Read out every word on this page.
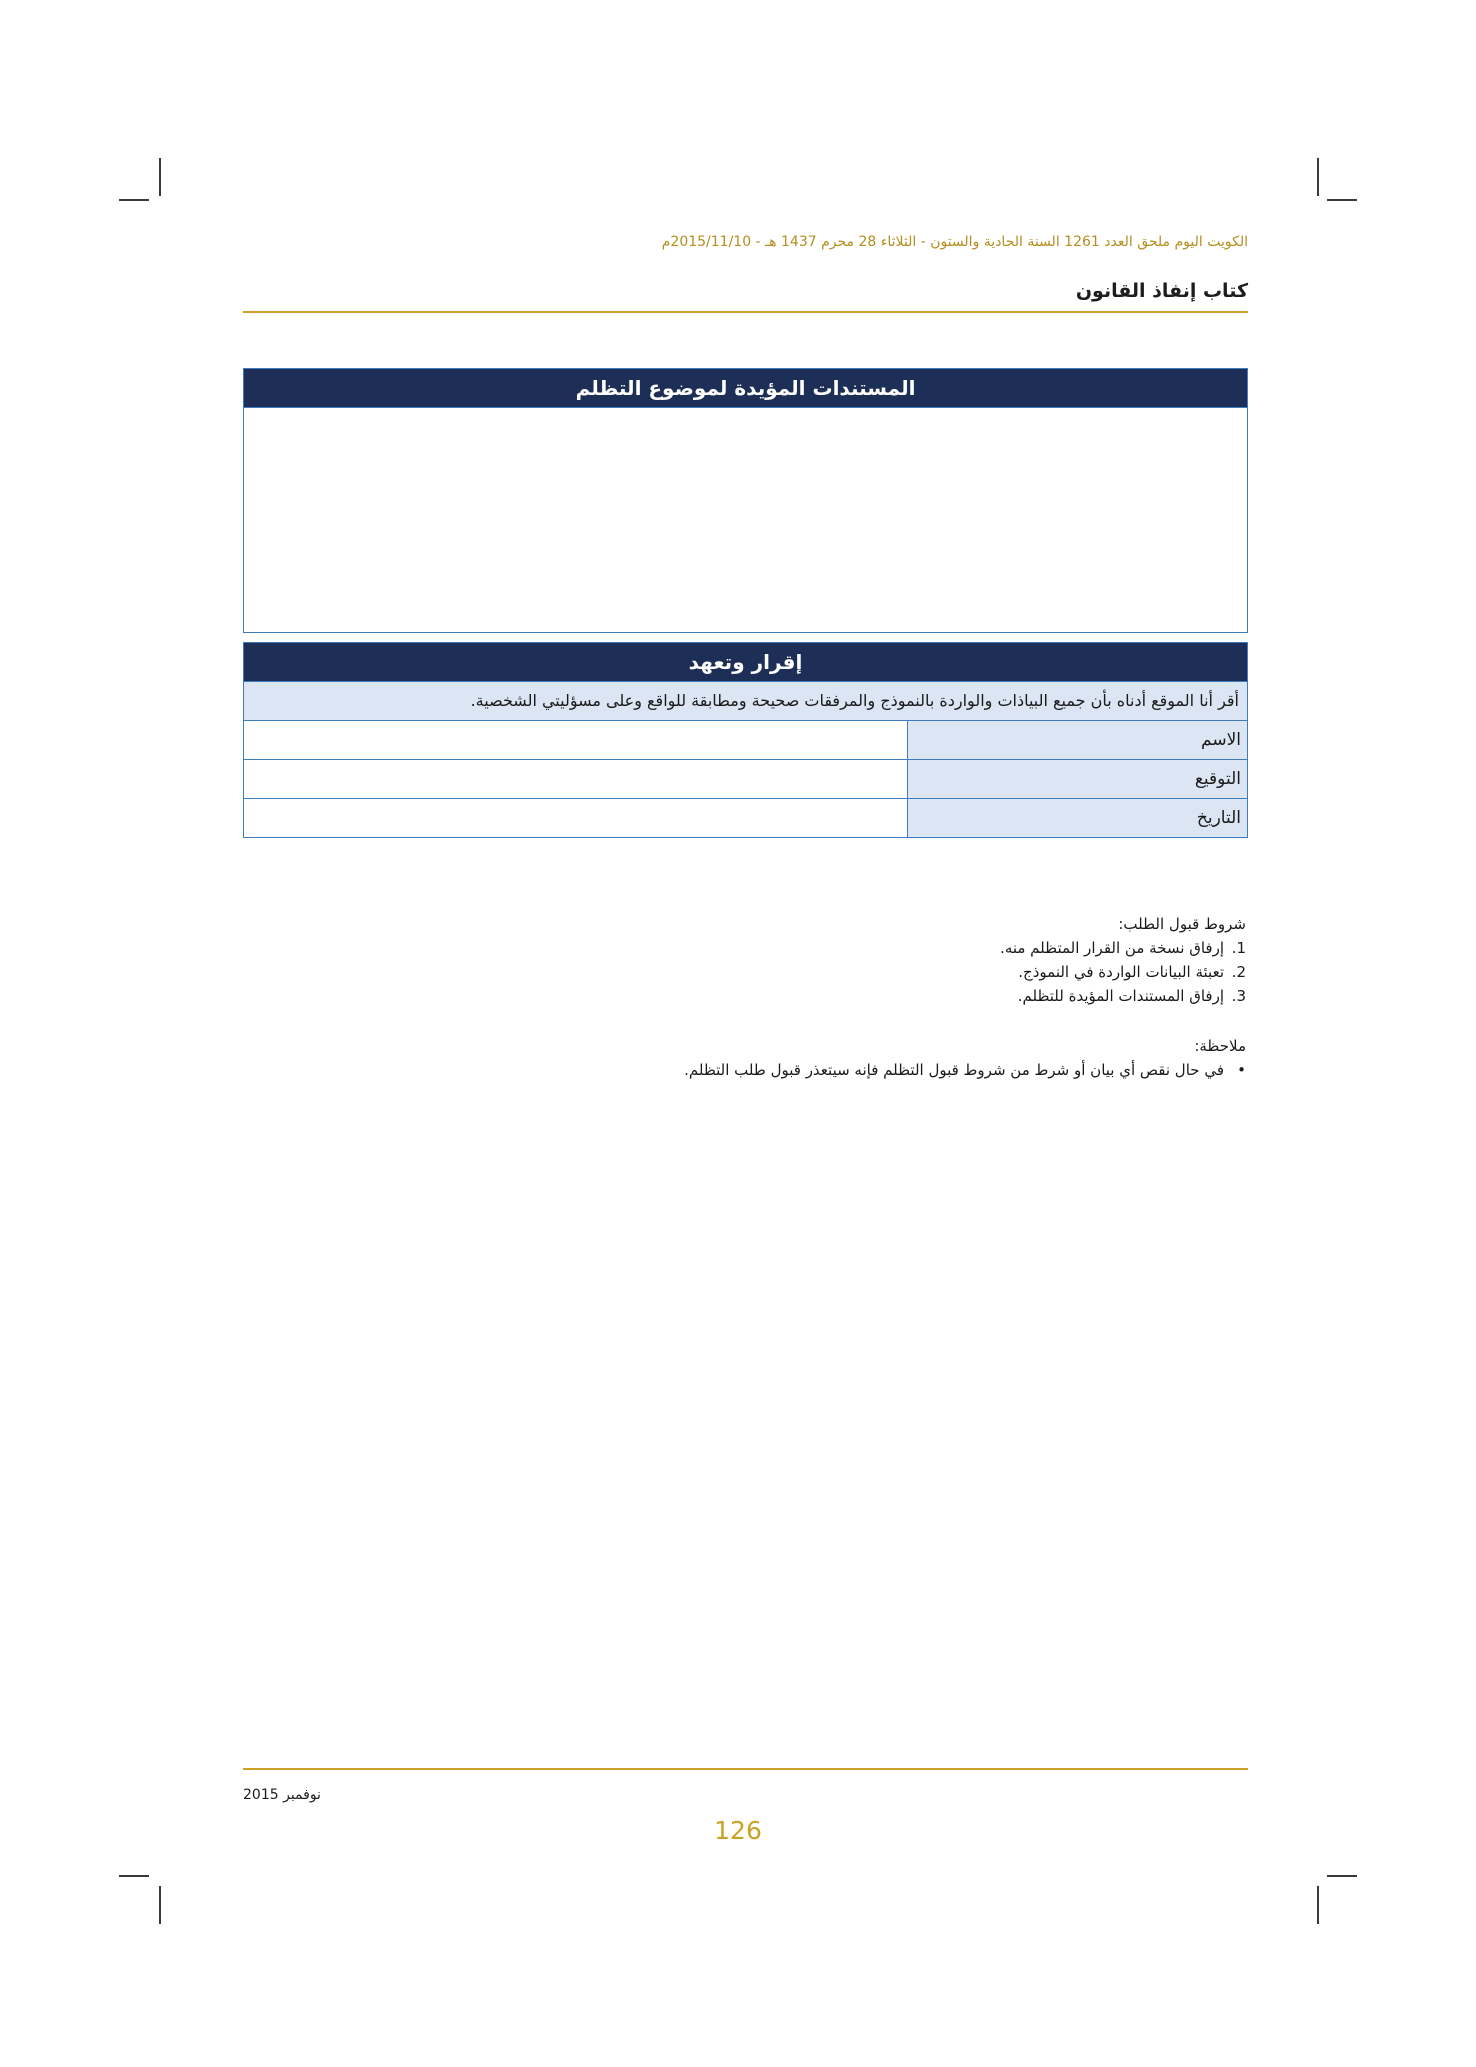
الكويت اليوم ملحق العدد 1261 السنة الحادية والستون - الثلاثاء 28 محرم 1437 هـ - 2015/11/10م
كتاب إنفاذ القانون
المستندات المؤيدة لموضوع التظلم
إقرار وتعهد
أقر أنا الموقع أدناه بأن جميع البياذات والواردة بالنموذج والمرفقات صحيحة ومطابقة للواقع وعلى مسؤليتي الشخصية.
الاسم
التوقيع
التاريخ
شروط قبول الطلب:
1.إرفاق نسخة من القرار المتظلم منه.
2.تعبئة البيانات الواردة في النموذج.
3.إرفاق المستندات المؤيدة للتظلم.
ملاحظة:
•في حال نقص أي بيان أو شرط من شروط قبول التظلم فإنه سيتعذر قبول طلب التظلم.
نوفمبر 2015
126
